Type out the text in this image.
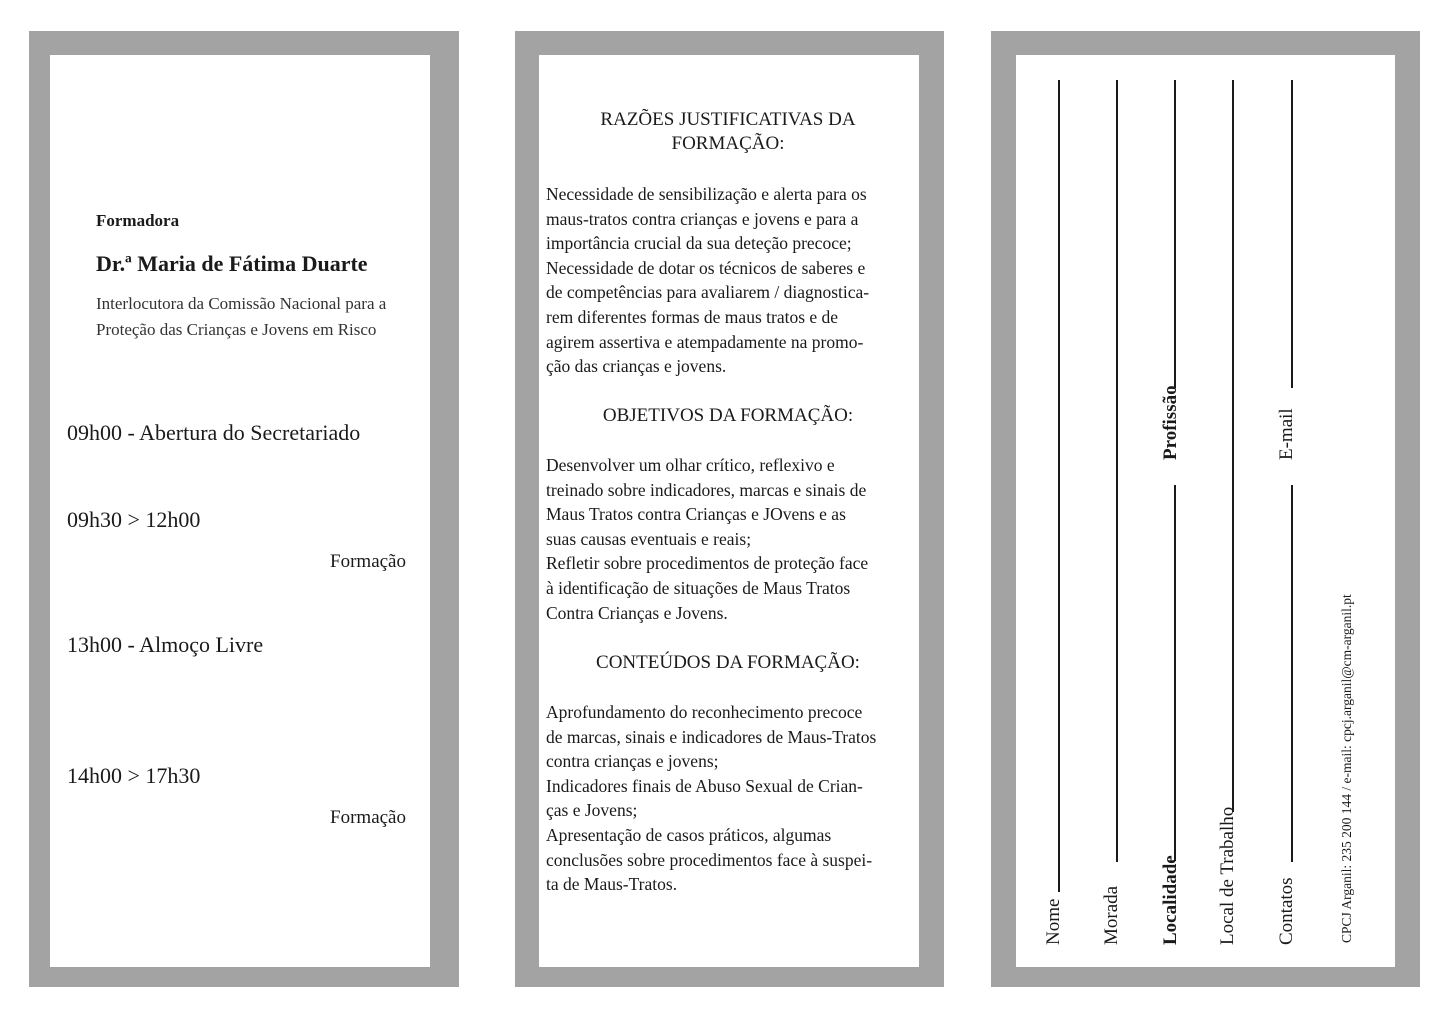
Formadora
Dr.ª Maria de Fátima Duarte
Interlocutora da Comissão Nacional para a Proteção das Crianças e Jovens em Risco
09h00 - Abertura do Secretariado
09h30 > 12h00
Formação
13h00 - Almoço Livre
14h00 > 17h30
Formação
RAZÕES JUSTIFICATIVAS DA
FORMAÇÃO:
Necessidade de sensibilização e alerta para os
maus-tratos contra crianças e jovens e para a
importância crucial da sua deteção precoce;
Necessidade de dotar os técnicos de saberes e
de competências para avaliarem / diagnostica-
rem diferentes formas de maus tratos e de
agirem assertiva e atempadamente na promo-
ção das crianças e jovens.
OBJETIVOS DA FORMAÇÃO:
Desenvolver um olhar crítico, reflexivo e
treinado sobre indicadores, marcas e sinais de
Maus Tratos contra Crianças e JOvens e as
suas causas eventuais e reais;
Refletir sobre procedimentos de proteção face
à identificação de situações de Maus Tratos
Contra Crianças e Jovens.
CONTEÚDOS DA FORMAÇÃO:
Aprofundamento do reconhecimento precoce
de marcas, sinais e indicadores de Maus-Tratos
contra crianças e jovens;
Indicadores finais de Abuso Sexual de Crian-
ças e Jovens;
Apresentação de casos práticos, algumas
conclusões sobre procedimentos face à suspei-
ta de Maus-Tratos.
Nome Morada
Profissão
Localidade Local de Trabalho
E-mail
Contatos	CPCJ Arganil: 235 200 144 / e-mail: cpcj.arganil@cm-arganil.pt
